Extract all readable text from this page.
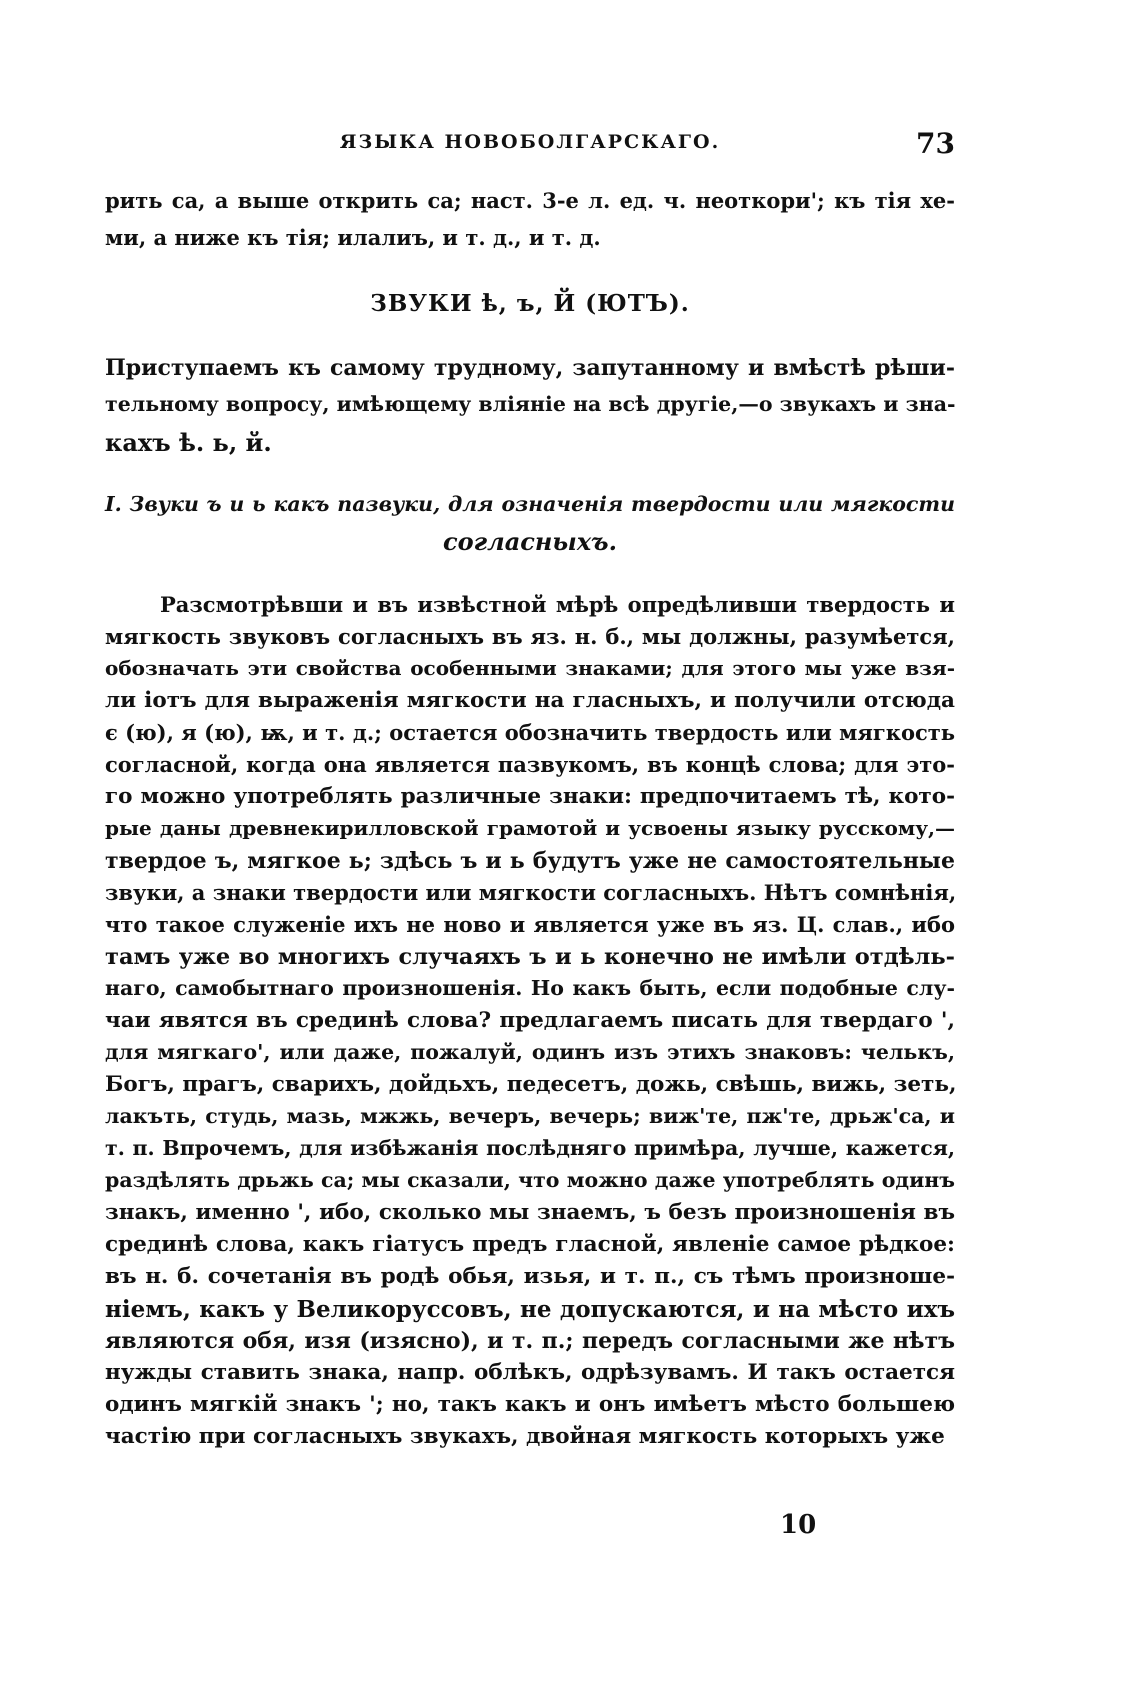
ЯЗЫКА НОВОБОЛГАРСКАГО.	73
рить са, а выше открить са; наст. 3-е л. ед. ч. неоткори'; къ тія хе-
ми, а ниже къ тія; илалиъ, и т. д., и т. д.
ЗВУКИ ѣ, ъ, Й (ЮТЪ).
Приступаемъ къ самому трудному, запутанному и вмѣстѣ рѣши-
тельному вопросу, имѣющему вліяніе на всѣ другіе,—о звукахъ и зна-
кахъ ѣ. ь, й.
I. Звуки ъ и ь какъ пазвуки, для означенія твердости или мягкости
согласныхъ.
Разсмотрѣвши и въ извѣстной мѣрѣ опредѣливши твердость и
мягкость звуковъ согласныхъ въ яз. н. б., мы должны, разумѣется,
обозначать эти свойства особенными знаками; для этого мы уже взя-
ли іотъ для выраженія мягкости на гласныхъ, и получили отсюда
є (ю), я (ю), ѭ, и т. д.; остается обозначить твердость или мягкость
согласной, когда она является пазвукомъ, въ концѣ слова; для это-
го можно употреблять различные знаки: предпочитаемъ тѣ, кото-
рые даны древнекирилловской грамотой и усвоены языку русскому,—
твердое ъ, мягкое ь; здѣсь ъ и ь будутъ уже не самостоятельные
звуки, а знаки твердости или мягкости согласныхъ. Нѣтъ сомнѣнія,
что такое служеніе ихъ не ново и является уже въ яз. Ц. слав., ибо
тамъ уже во многихъ случаяхъ ъ и ь конечно не имѣли отдѣль-
наго, самобытнаго произношенія. Но какъ быть, если подобные слу-
чаи явятся въ срединѣ слова? предлагаемъ писать для твердаго ',
для мягкаго', или даже, пожалуй, одинъ изъ этихъ знаковъ: челькъ,
Богъ, прагъ, сварихъ, дойдьхъ, педесетъ, дожь, свѣшь, вижь, зеть,
лакъть, студь, мазь, мжжь, вечеръ, вечерь; виж'те, пж'те, дрьж'са, и
т. п. Впрочемъ, для избѣжанія послѣдняго примѣра, лучше, кажется,
раздѣлять дрьжь са; мы сказали, что можно даже употреблять одинъ
знакъ, именно ', ибо, сколько мы знаемъ, ъ безъ произношенія въ
срединѣ слова, какъ гіатусъ предъ гласной, явленіе самое рѣдкое:
въ н. б. сочетанія въ родѣ обья, изья, и т. п., съ тѣмъ произноше-
ніемъ, какъ у Великоруссовъ, не допускаются, и на мѣсто ихъ
являются обя, изя (изясно), и т. п.; передъ согласными же нѣтъ
нужды ставить знака, напр. облѣкъ, одрѣзувамъ. И такъ остается
одинъ мягкій знакъ '; но, такъ какъ и онъ имѣетъ мѣсто большею
частію при согласныхъ звукахъ, двойная мягкость которыхъ уже
10
